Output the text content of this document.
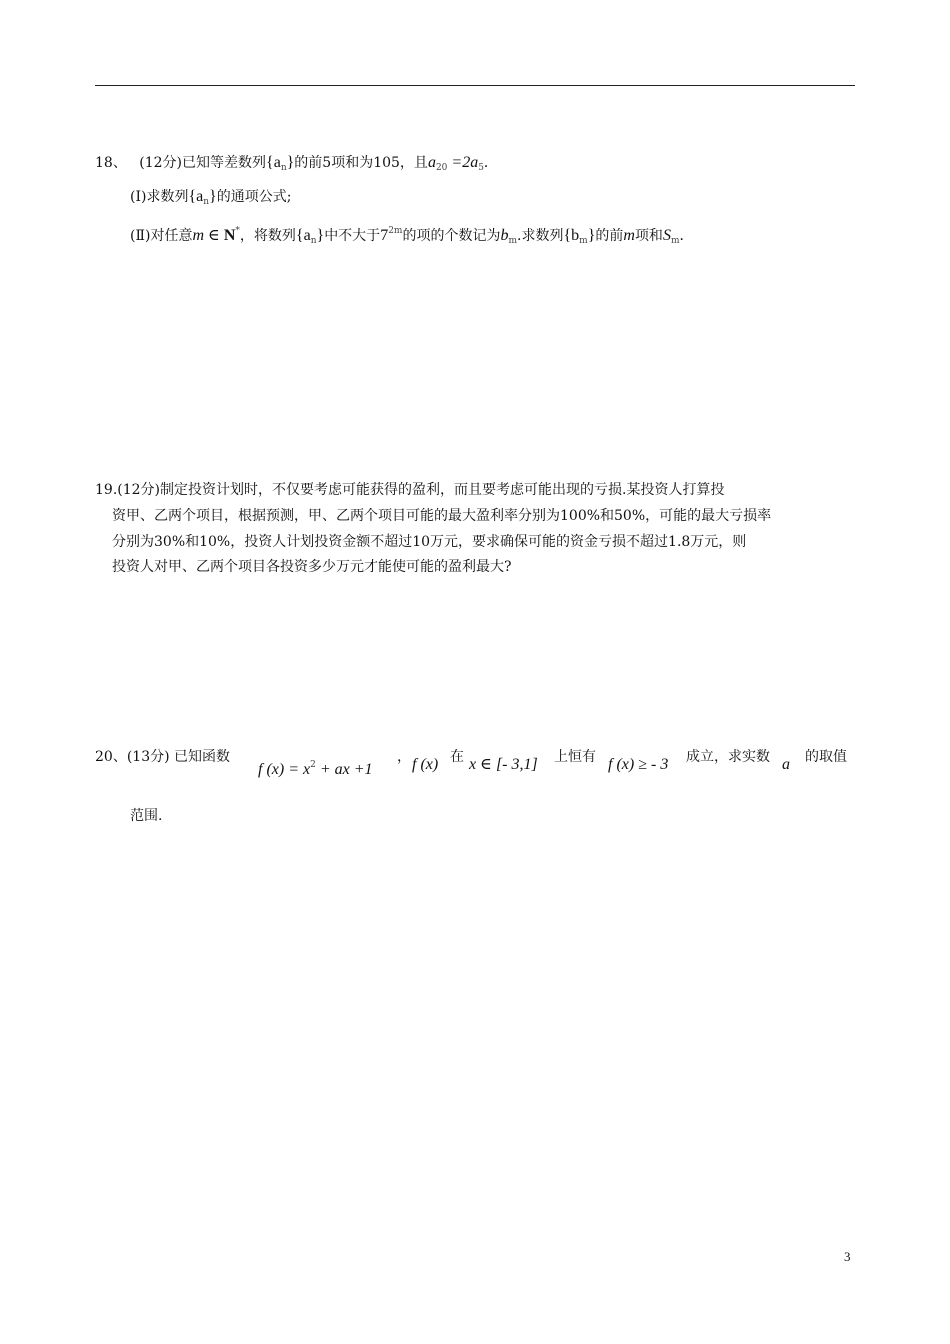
18、 (12分)已知等差数列$\{a_n\}$的前5项和为105，且$a_{20} =2a_5$．
(Ⅰ)求数列$\{a_n\}$的通项公式;
(Ⅱ)对任意m ∈ N*，将数列$\{a_n\}$中不大于$7^{2m}$的项的个数记为$b_m$.求数列$\{b_m\}$的前m项和$S_m$．
19.(12分)制定投资计划时，不仅要考虑可能获得的盈利，而且要考虑可能出现的亏损.某投资人打算投
资甲、乙两个项目，根据预测，甲、乙两个项目可能的最大盈利率分别为100%和50%，可能的最大亏损率
分别为30%和10%，投资人计划投资金额不超过10万元，要求确保可能的资金亏损不超过1.8万元，则
投资人对甲、乙两个项目各投资多少万元才能使可能的盈利最大?
20、(13分) 已知函数
f $(x) = x^2$ + ax +1
， f (x) 在 x ∈ [- 3,1] 上恒有 f (x) ≥ - 3 成立，求实数 a 的取值
范围.
3
